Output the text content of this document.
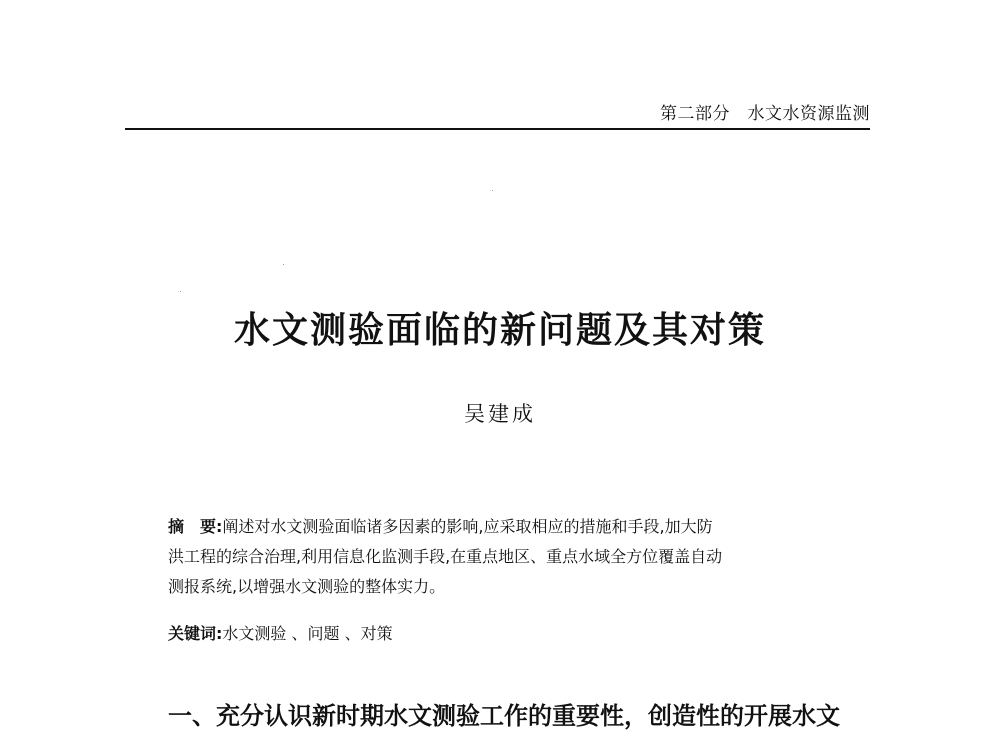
第二部分　水文水资源监测
水文测验面临的新问题及其对策
吴建成
摘　要:阐述对水文测验面临诸多因素的影响,应采取相应的措施和手段,加大防
洪工程的综合治理,利用信息化监测手段,在重点地区、重点水域全方位覆盖自动
测报系统,以增强水文测验的整体实力。
关键词:水文测验 、问题 、对策
一、充分认识新时期水文测验工作的重要性，创造性的开展水文
